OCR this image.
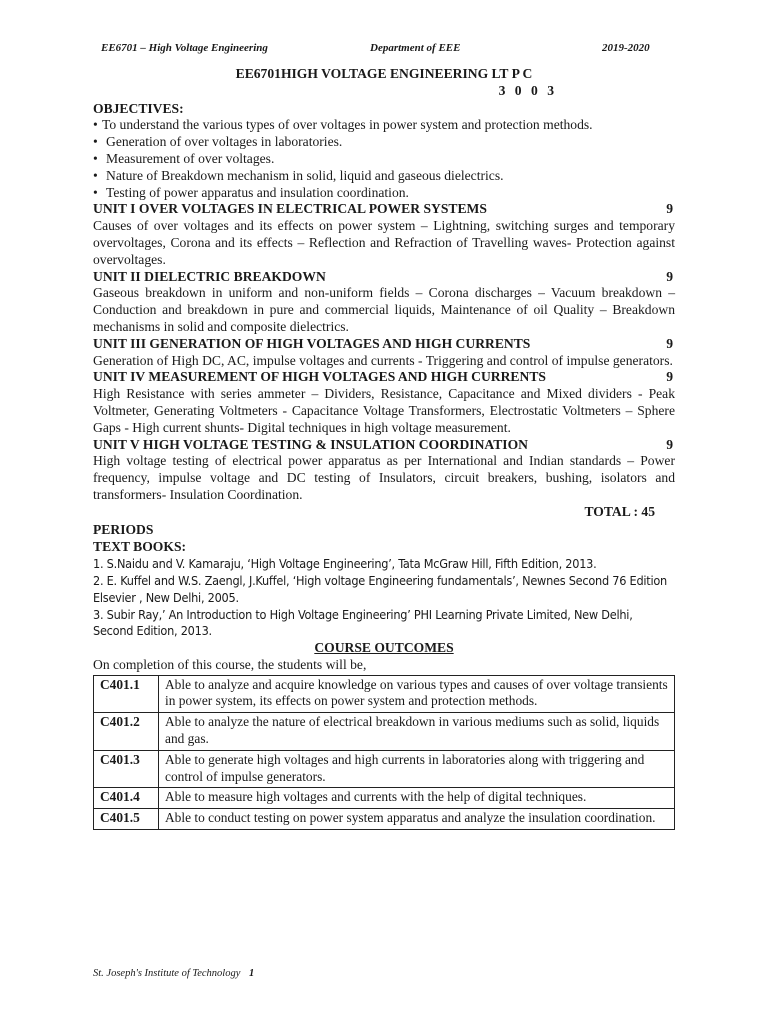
EE6701 – High Voltage Engineering	Department of EEE	2019-2020
EE6701HIGH VOLTAGE ENGINEERING LT P C
3 0 0 3
OBJECTIVES:
• To understand the various types of over voltages in power system and protection methods.
• Generation of over voltages in laboratories.
• Measurement of over voltages.
• Nature of Breakdown mechanism in solid, liquid and gaseous dielectrics.
• Testing of power apparatus and insulation coordination.
UNIT I OVER VOLTAGES IN ELECTRICAL POWER SYSTEMS	9

Causes of over voltages and its effects on power system – Lightning, switching surges and temporary overvoltages, Corona and its effects – Reflection and Refraction of Travelling waves- Protection against overvoltages.

UNIT II DIELECTRIC BREAKDOWN	9

Gaseous breakdown in uniform and non-uniform fields – Corona discharges – Vacuum breakdown – Conduction and breakdown in pure and commercial liquids, Maintenance of oil Quality – Breakdown mechanisms in solid and composite dielectrics.

UNIT III GENERATION OF HIGH VOLTAGES AND HIGH CURRENTS	9

Generation of High DC, AC, impulse voltages and currents - Triggering and control of impulse generators.

UNIT IV MEASUREMENT OF HIGH VOLTAGES AND HIGH CURRENTS	9

High Resistance with series ammeter – Dividers, Resistance, Capacitance and Mixed dividers - Peak Voltmeter, Generating Voltmeters - Capacitance Voltage Transformers, Electrostatic Voltmeters – Sphere Gaps - High current shunts- Digital techniques in high voltage measurement.

UNIT V HIGH VOLTAGE TESTING & INSULATION COORDINATION	9

High voltage testing of electrical power apparatus as per International and Indian standards – Power frequency, impulse voltage and DC testing of Insulators, circuit breakers, bushing, isolators and transformers- Insulation Coordination.

TOTAL : 45
PERIODS
TEXT BOOKS:

1. S.Naidu and V. Kamaraju, ‘High Voltage Engineering’, Tata McGraw Hill, Fifth Edition, 2013.

2. E. Kuffel and W.S. Zaengl, J.Kuffel, ‘High voltage Engineering fundamentals’, Newnes Second 76 Edition Elsevier , New Delhi, 2005.

3. Subir Ray,’ An Introduction to High Voltage Engineering’ PHI Learning Private Limited, New Delhi, Second Edition, 2013.

COURSE OUTCOMES
On completion of this course, the students will be,
C401.1	Able to analyze and acquire knowledge on various types and causes of over voltage transients in power system, its effects on power system and protection methods.
C401.2	Able to analyze the nature of electrical breakdown in various mediums such as solid, liquids and gas.
C401.3	Able to generate high voltages and high currents in laboratories along with triggering and control of impulse generators.
C401.4	Able to measure high voltages and currents with the help of digital techniques.
C401.5	Able to conduct testing on power system apparatus and analyze the insulation coordination.
St. Joseph's Institute of Technology 1
